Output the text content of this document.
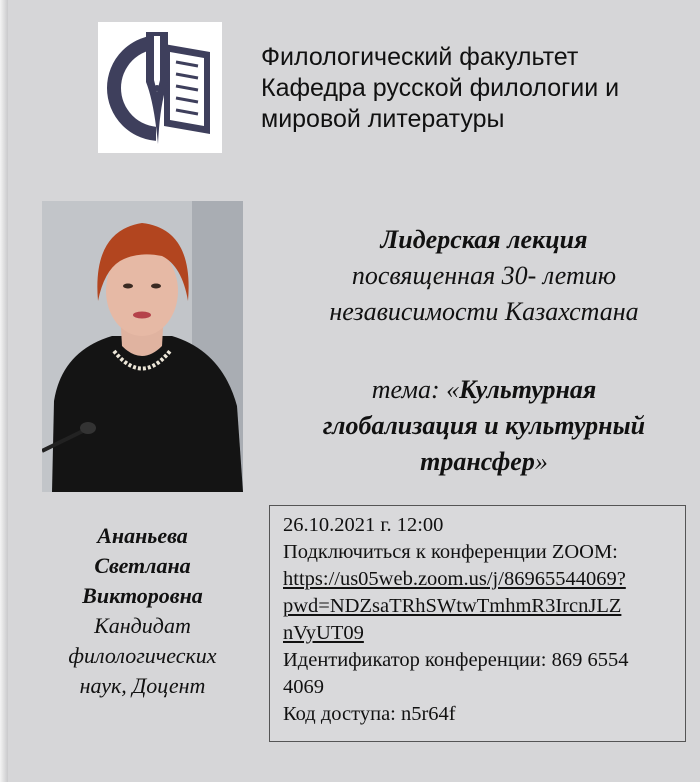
Филологический факультет
Кафедра русской филологии и
мировой литературы
Лидерская лекция
посвященная 30- летию
независимости Казахстана
тема: «Культурная
глобализация и культурный
трансфер»
Ананьева
Светлана
Викторовна
Кандидат
филологических
наук, Доцент
26.10.2021 г. 12:00
Подключиться к конференции ZOOM:
https://us05web.zoom.us/j/86965544069?
pwd=NDZsaTRhSWtwTmhmR3IrcnJLZ
nVyUT09
Идентификатор конференции: 869 6554
4069
Код доступа: n5r64f
